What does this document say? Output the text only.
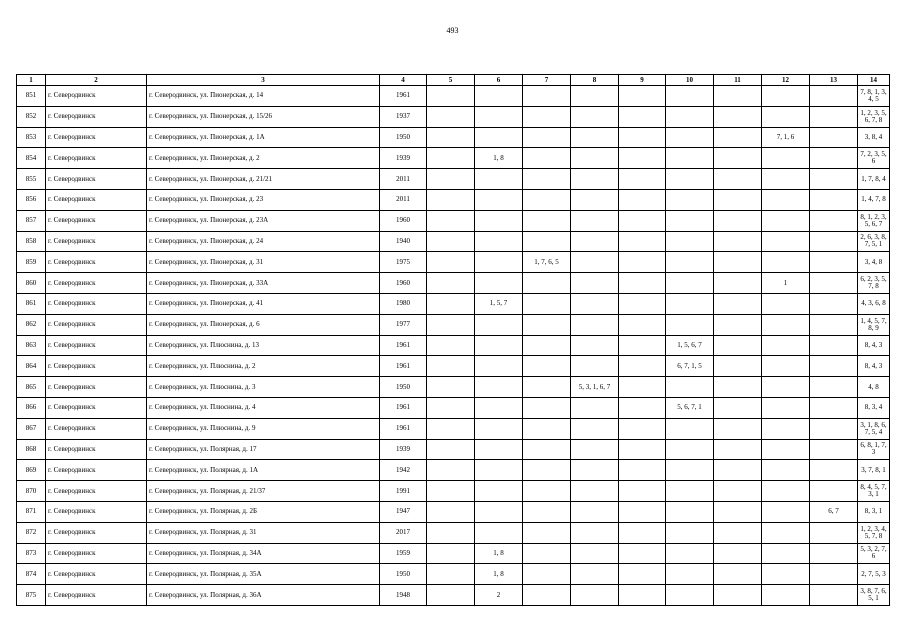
493
1	2	3	4	5	6	7	8	9	10	11	12	13	14
851	г. Северодвинск	г. Северодвинск, ул. Пионерская, д. 14	1961										7, 8, 1, 3, 4, 5
852	г. Северодвинск	г. Северодвинск, ул. Пионерская, д. 15/26	1937										1, 2, 3, 5, 6, 7, 8
853	г. Северодвинск	г. Северодвинск, ул. Пионерская, д. 1А	1950								7, 1, 6		3, 8, 4
854	г. Северодвинск	г. Северодвинск, ул. Пионерская, д. 2	1939		1, 8								7, 2, 3, 5, 6
855	г. Северодвинск	г. Северодвинск, ул. Пионерская, д. 21/21	2011										1, 7, 8, 4
856	г. Северодвинск	г. Северодвинск, ул. Пионерская, д. 23	2011										1, 4, 7, 8
857	г. Северодвинск	г. Северодвинск, ул. Пионерская, д. 23А	1960										8, 1, 2, 3, 5, 6, 7
858	г. Северодвинск	г. Северодвинск, ул. Пионерская, д. 24	1940										2, 6, 3, 8, 7, 5, 1
859	г. Северодвинск	г. Северодвинск, ул. Пионерская, д. 31	1975			1, 7, 6, 5							3, 4, 8
860	г. Северодвинск	г. Северодвинск, ул. Пионерская, д. 33А	1960								1		6, 2, 3, 5, 7, 8
861	г. Северодвинск	г. Северодвинск, ул. Пионерская, д. 41	1980		1, 5, 7								4, 3, 6, 8
862	г. Северодвинск	г. Северодвинск, ул. Пионерская, д. 6	1977										1, 4, 5, 7, 8, 9
863	г. Северодвинск	г. Северодвинск, ул. Плюснина, д. 13	1961						1, 5, 6, 7				8, 4, 3
864	г. Северодвинск	г. Северодвинск, ул. Плюснина, д. 2	1961						6, 7, 1, 5				8, 4, 3
865	г. Северодвинск	г. Северодвинск, ул. Плюснина, д. 3	1950				5, 3, 1, 6, 7						4, 8
866	г. Северодвинск	г. Северодвинск, ул. Плюснина, д. 4	1961						5, 6, 7, 1				8, 3, 4
867	г. Северодвинск	г. Северодвинск, ул. Плюснина, д. 9	1961										3, 1, 8, 6, 7, 5, 4
868	г. Северодвинск	г. Северодвинск, ул. Полярная, д. 17	1939										6, 8, 1, 7, 3
869	г. Северодвинск	г. Северодвинск, ул. Полярная, д. 1А	1942										3, 7, 8, 1
870	г. Северодвинск	г. Северодвинск, ул. Полярная, д. 21/37	1991										8, 4, 5, 7, 3, 1
871	г. Северодвинск	г. Северодвинск, ул. Полярная, д. 2Б	1947									6, 7	8, 3, 1
872	г. Северодвинск	г. Северодвинск, ул. Полярная, д. 31	2017										1, 2, 3, 4, 5, 7, 8
873	г. Северодвинск	г. Северодвинск, ул. Полярная, д. 34А	1959		1, 8								5, 3, 2, 7, 6
874	г. Северодвинск	г. Северодвинск, ул. Полярная, д. 35А	1950		1, 8								2, 7, 5, 3
875	г. Северодвинск	г. Северодвинск, ул. Полярная, д. 36А	1948		2								3, 8, 7, 6, 5, 1
